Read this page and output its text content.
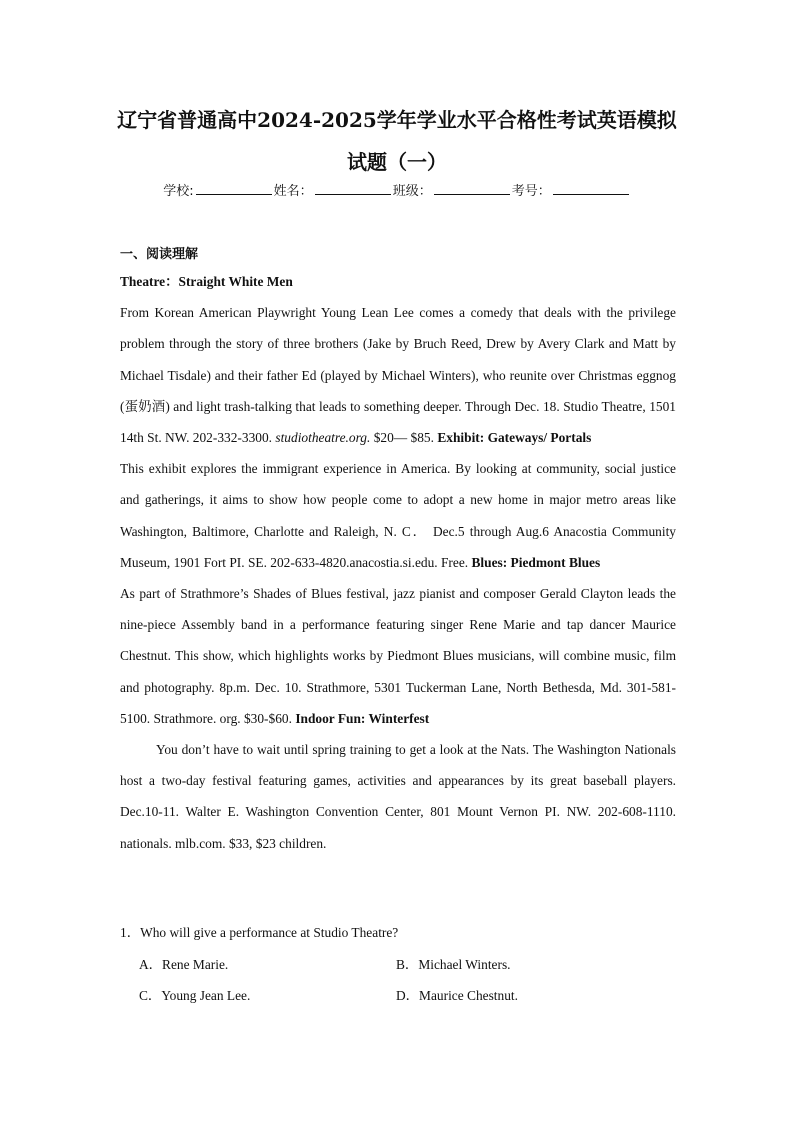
辽宁省普通高中2024-2025学年学业水平合格性考试英语模拟
试题（一）
学校:	姓名：	班级：	考号：
一、阅读理解

Theatre：Straight White Men

From Korean American Playwright Young Lean Lee comes a comedy that deals with the privilege problem through the story of three brothers (Jake by Bruch Reed, Drew by Avery Clark and Matt by Michael Tisdale) and their father Ed (played by Michael Winters), who reunite over Christmas eggnog (蛋奶酒) and light trash-talking that leads to something deeper. Through Dec. 18. Studio Theatre, 1501 14th St. NW. 202-332-3300. studiotheatre.org. $20— $85. Exhibit: Gateways/ Portals

This exhibit explores the immigrant experience in America. By looking at community, social justice and gatherings, it aims to show how people come to adopt a new home in major metro areas like Washington, Baltimore, Charlotte and Raleigh, N. C． Dec.5 through Aug.6 Anacostia Community Museum, 1901 Fort PI. SE. 202-633-4820.anacostia.si.edu. Free. Blues: Piedmont Blues

As part of Strathmore’s Shades of Blues festival, jazz pianist and composer Gerald Clayton leads the nine-piece Assembly band in a performance featuring singer Rene Marie and tap dancer Maurice Chestnut. This show, which highlights works by Piedmont Blues musicians, will combine music, film and photography. 8p.m. Dec. 10. Strathmore, 5301 Tuckerman Lane, North Bethesda, Md. 301-581-5100. Strathmore. org. $30-$60. Indoor Fun: Winterfest

You don’t have to wait until spring training to get a look at the Nats. The Washington Nationals host a two-day festival featuring games, activities and appearances by its great baseball players. Dec.10-11. Walter E. Washington Convention Center, 801 Mount Vernon PI. NW. 202-608-1110. nationals. mlb.com. $33, $23 children.

1．Who will give a performance at Studio Theatre?
A．Rene Marie.	B．Michael Winters.
C．Young Jean Lee.	D．Maurice Chestnut.
